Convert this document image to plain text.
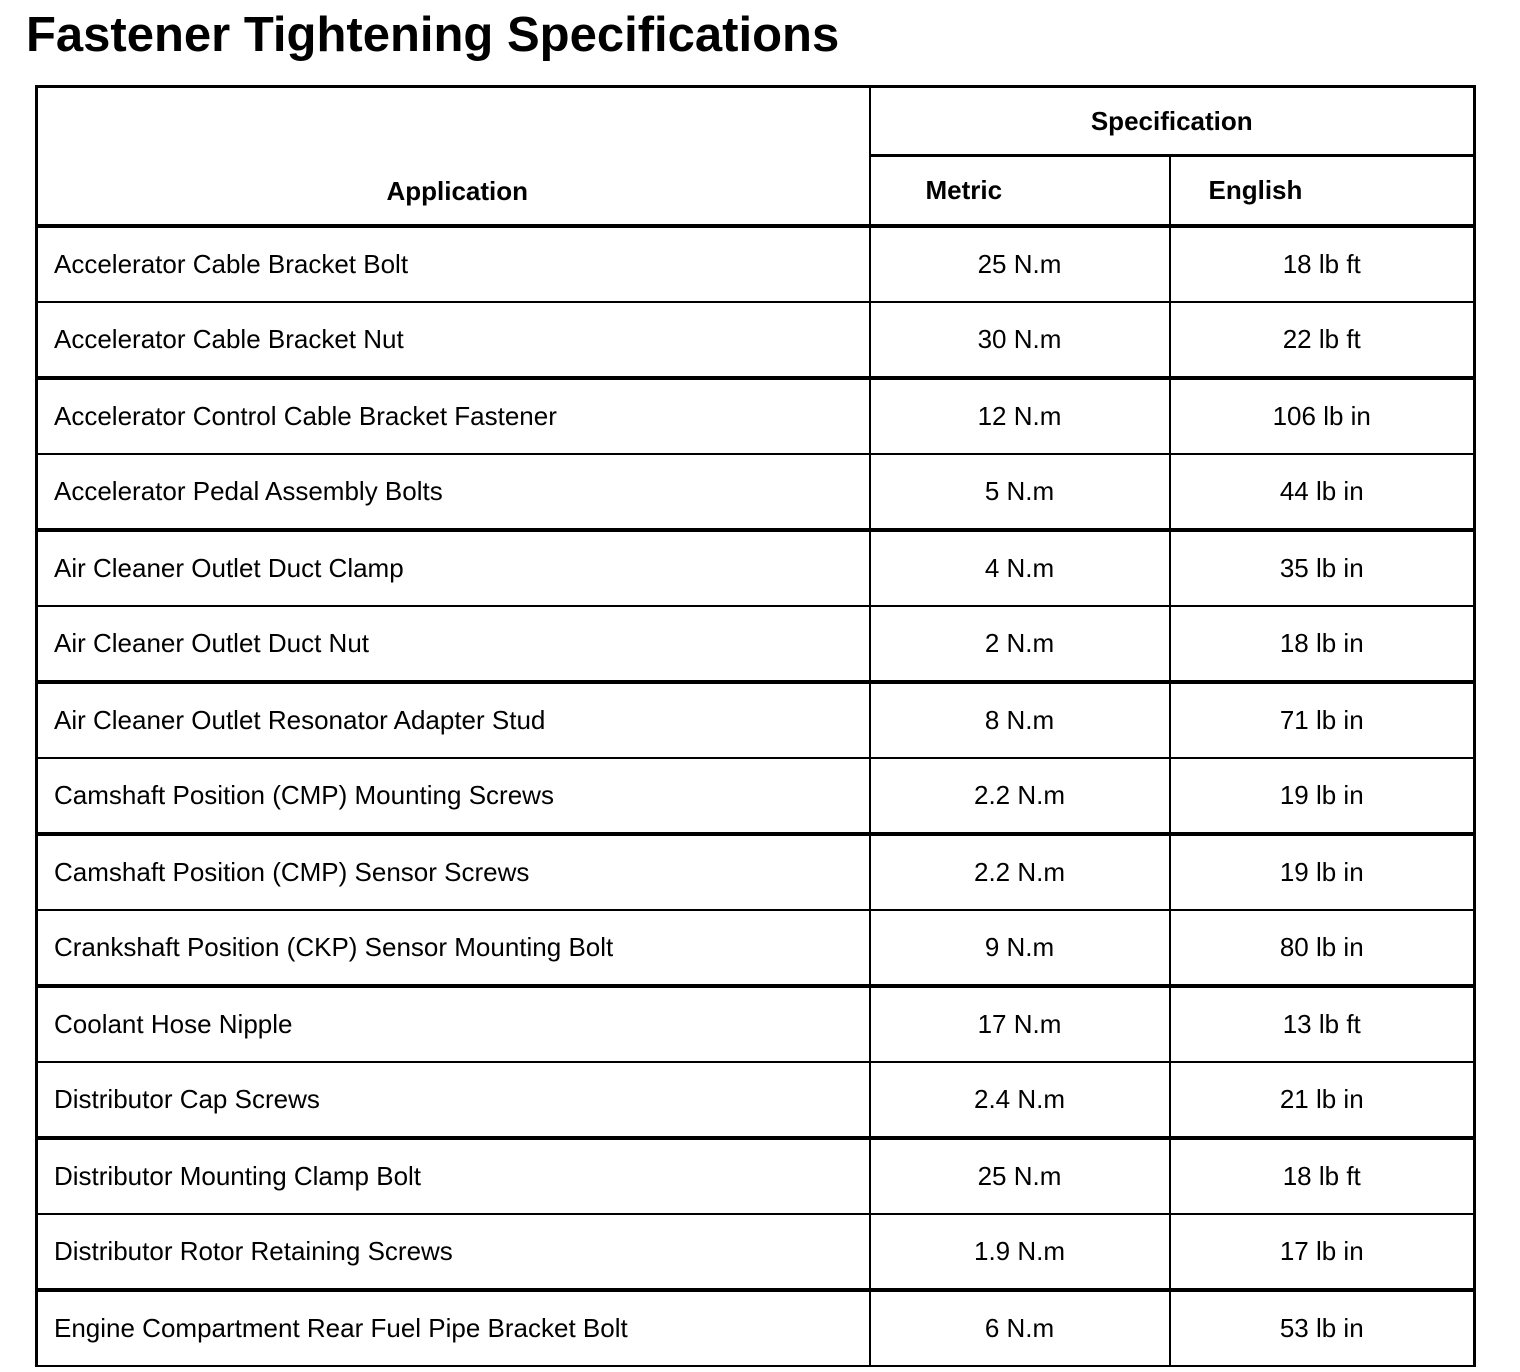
Fastener Tightening Specifications
Application	Specification	
	Metric	English
Accelerator Cable Bracket Bolt	25 N.m	18 lb ft
Accelerator Cable Bracket Nut	30 N.m	22 lb ft
Accelerator Control Cable Bracket Fastener	12 N.m	106 lb in
Accelerator Pedal Assembly Bolts	5 N.m	44 lb in
Air Cleaner Outlet Duct Clamp	4 N.m	35 lb in
Air Cleaner Outlet Duct Nut	2 N.m	18 lb in
Air Cleaner Outlet Resonator Adapter Stud	8 N.m	71 lb in
Camshaft Position (CMP) Mounting Screws	2.2 N.m	19 lb in
Camshaft Position (CMP) Sensor Screws	2.2 N.m	19 lb in
Crankshaft Position (CKP) Sensor Mounting Bolt	9 N.m	80 lb in
Coolant Hose Nipple	17 N.m	13 lb ft
Distributor Cap Screws	2.4 N.m	21 lb in
Distributor Mounting Clamp Bolt	25 N.m	18 lb ft
Distributor Rotor Retaining Screws	1.9 N.m	17 lb in
Engine Compartment Rear Fuel Pipe Bracket Bolt	6 N.m	53 lb in
